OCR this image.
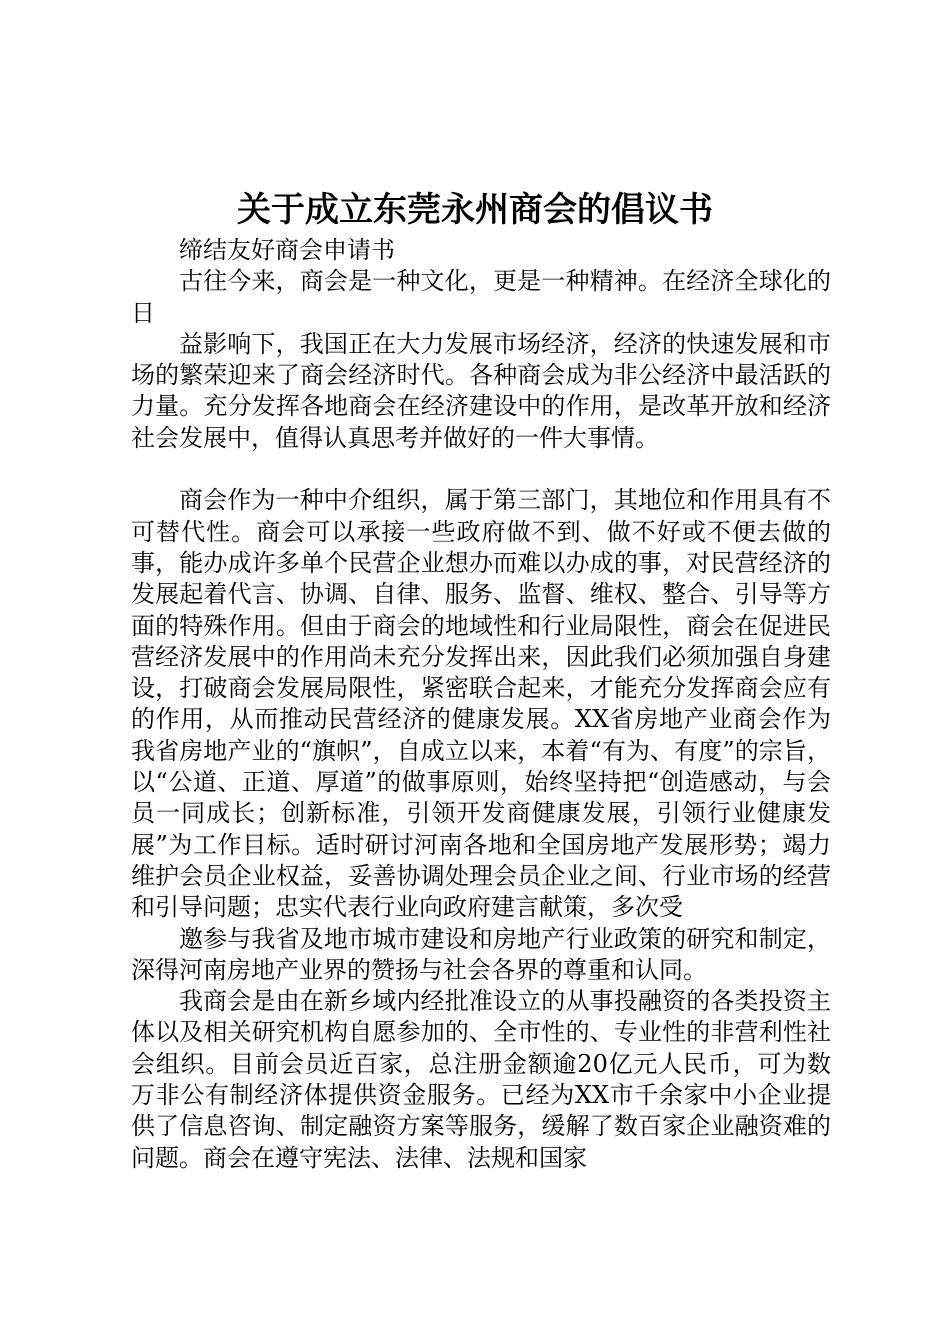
关于成立东莞永州商会的倡议书

缔结友好商会申请书

古往今来，商会是一种文化，更是一种精神。在经济全球化的日

益影响下，我国正在大力发展市场经济，经济的快速发展和市场的繁荣迎来了商会经济时代。各种商会成为非公经济中最活跃的力量。充分发挥各地商会在经济建设中的作用，是改革开放和经济社会发展中，值得认真思考并做好的一件大事情。

商会作为一种中介组织，属于第三部门，其地位和作用具有不可替代性。商会可以承接一些政府做不到、做不好或不便去做的事，能办成许多单个民营企业想办而难以办成的事，对民营经济的发展起着代言、协调、自律、服务、监督、维权、整合、引导等方面的特殊作用。但由于商会的地域性和行业局限性，商会在促进民营经济发展中的作用尚未充分发挥出来，因此我们必须加强自身建设，打破商会发展局限性，紧密联合起来，才能充分发挥商会应有的作用，从而推动民营经济的健康发展。XX省房地产业商会作为我省房地产业的“旗帜”，自成立以来，本着“有为、有度”的宗旨，以“公道、正道、厚道”的做事原则，始终坚持把“创造感动，与会员一同成长；创新标准，引领开发商健康发展，引领行业健康发展”为工作目标。适时研讨河南各地和全国房地产发展形势；竭力维护会员企业权益，妥善协调处理会员企业之间、行业市场的经营和引导问题；忠实代表行业向政府建言献策，多次受

邀参与我省及地市城市建设和房地产行业政策的研究和制定，深得河南房地产业界的赞扬与社会各界的尊重和认同。

我商会是由在新乡域内经批准设立的从事投融资的各类投资主体以及相关研究机构自愿参加的、全市性的、专业性的非营利性社会组织。目前会员近百家，总注册金额逾20亿元人民币，可为数万非公有制经济体提供资金服务。已经为XX市千余家中小企业提供了信息咨询、制定融资方案等服务，缓解了数百家企业融资难的问题。商会在遵守宪法、法律、法规和国家
